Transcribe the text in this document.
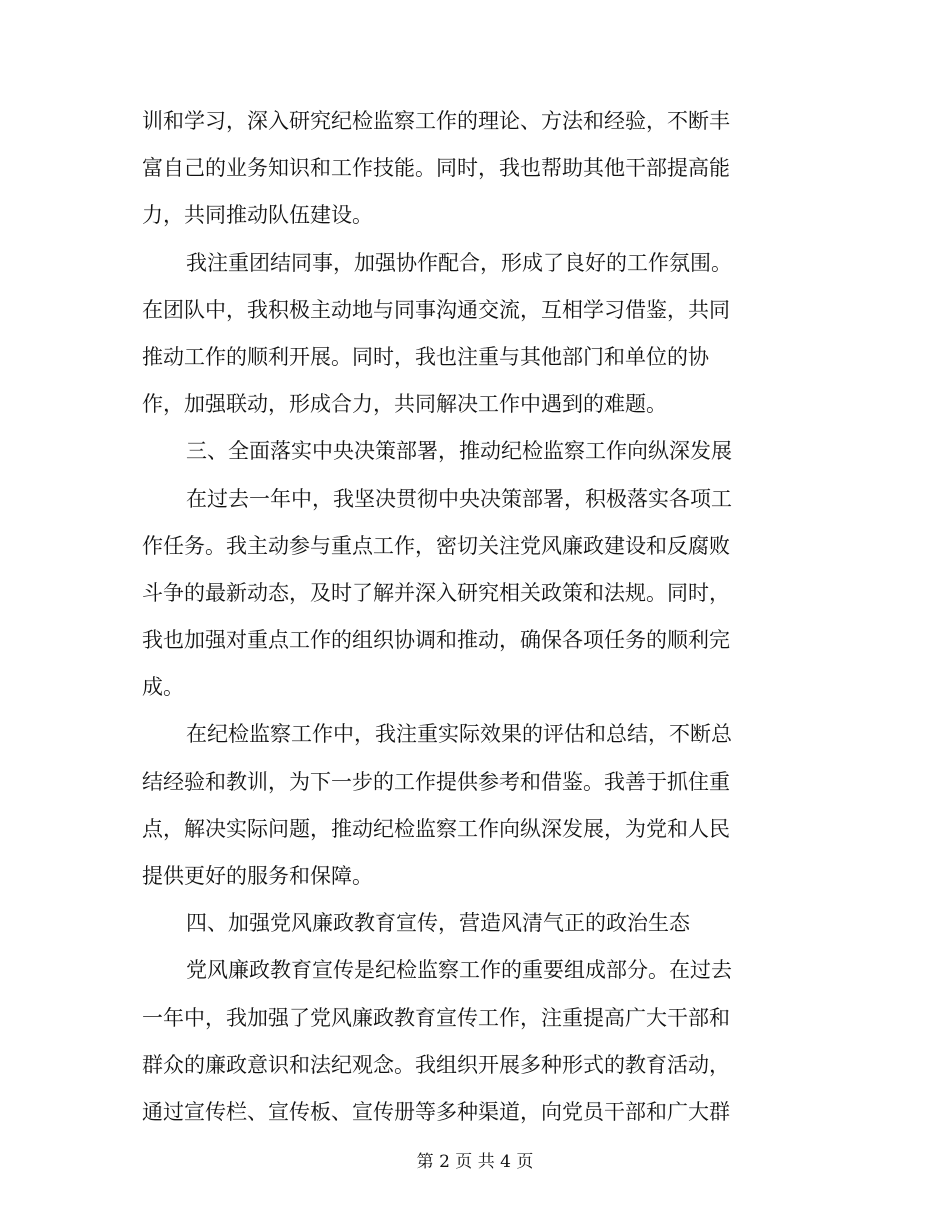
训和学习，深入研究纪检监察工作的理论、方法和经验，不断丰
富自己的业务知识和工作技能。同时，我也帮助其他干部提高能
力，共同推动队伍建设。
我注重团结同事，加强协作配合，形成了良好的工作氛围。
在团队中，我积极主动地与同事沟通交流，互相学习借鉴，共同
推动工作的顺利开展。同时，我也注重与其他部门和单位的协
作，加强联动，形成合力，共同解决工作中遇到的难题。
三、全面落实中央决策部署，推动纪检监察工作向纵深发展
在过去一年中，我坚决贯彻中央决策部署，积极落实各项工
作任务。我主动参与重点工作，密切关注党风廉政建设和反腐败
斗争的最新动态，及时了解并深入研究相关政策和法规。同时，
我也加强对重点工作的组织协调和推动，确保各项任务的顺利完
成。
在纪检监察工作中，我注重实际效果的评估和总结，不断总
结经验和教训，为下一步的工作提供参考和借鉴。我善于抓住重
点，解决实际问题，推动纪检监察工作向纵深发展，为党和人民
提供更好的服务和保障。
四、加强党风廉政教育宣传，营造风清气正的政治生态
党风廉政教育宣传是纪检监察工作的重要组成部分。在过去
一年中，我加强了党风廉政教育宣传工作，注重提高广大干部和
群众的廉政意识和法纪观念。我组织开展多种形式的教育活动，
通过宣传栏、宣传板、宣传册等多种渠道，向党员干部和广大群
第 2 页 共 4 页
